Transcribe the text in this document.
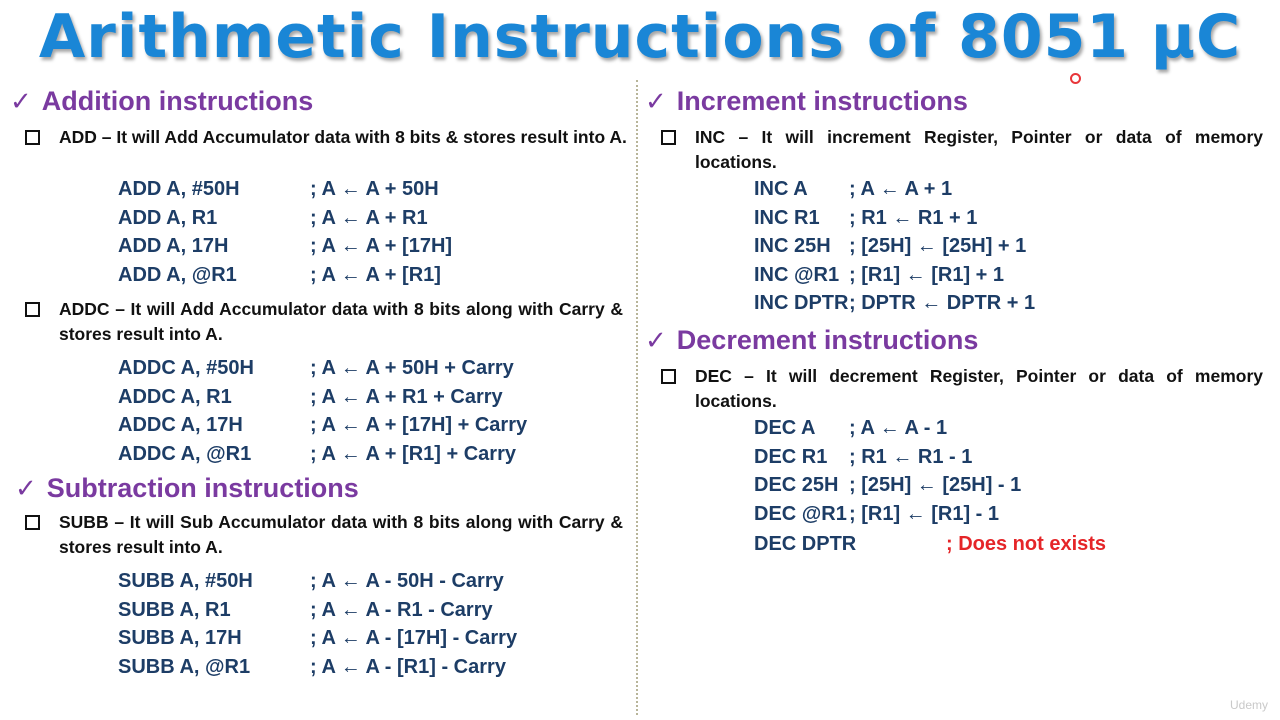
Arithmetic Instructions of 8051 μC
✓ Addition instructions
ADD – It will Add Accumulator data with 8 bits & stores result into A.
ADD A, #50H	; A ← A + 50H
ADD A, R1	; A ← A + R1
ADD A, 17H	; A ← A + [17H]
ADD A, @R1	; A ← A + [R1]
ADDC – It will Add Accumulator data with 8 bits along with Carry & stores result into A.
ADDC A, #50H	; A ← A + 50H + Carry
ADDC A, R1	; A ← A + R1 + Carry
ADDC A, 17H	; A ← A + [17H] + Carry
ADDC A, @R1	; A ← A + [R1] + Carry
✓ Subtraction instructions
SUBB – It will Sub Accumulator data with 8 bits along with Carry & stores result into A.
SUBB A, #50H	; A ← A - 50H - Carry
SUBB A, R1	; A ← A - R1 - Carry
SUBB A, 17H	; A ← A - [17H] - Carry
SUBB A, @R1	; A ← A - [R1] - Carry
✓ Increment instructions
INC – It will increment Register, Pointer or data of memory locations.
INC A ; A ← A + 1
INC R1 ; R1 ← R1 + 1
INC 25H ; [25H] ← [25H] + 1
INC @R1 ; [R1] ← [R1] + 1
INC DPTR ; DPTR ← DPTR + 1
✓ Decrement instructions
DEC – It will decrement Register, Pointer or data of memory locations.
DEC A ; A ← A - 1
DEC R1 ; R1 ← R1 - 1
DEC 25H ; [25H] ← [25H] - 1
DEC @R1 ; [R1] ← [R1] - 1
DEC DPTR	; Does not exists
Udemy
